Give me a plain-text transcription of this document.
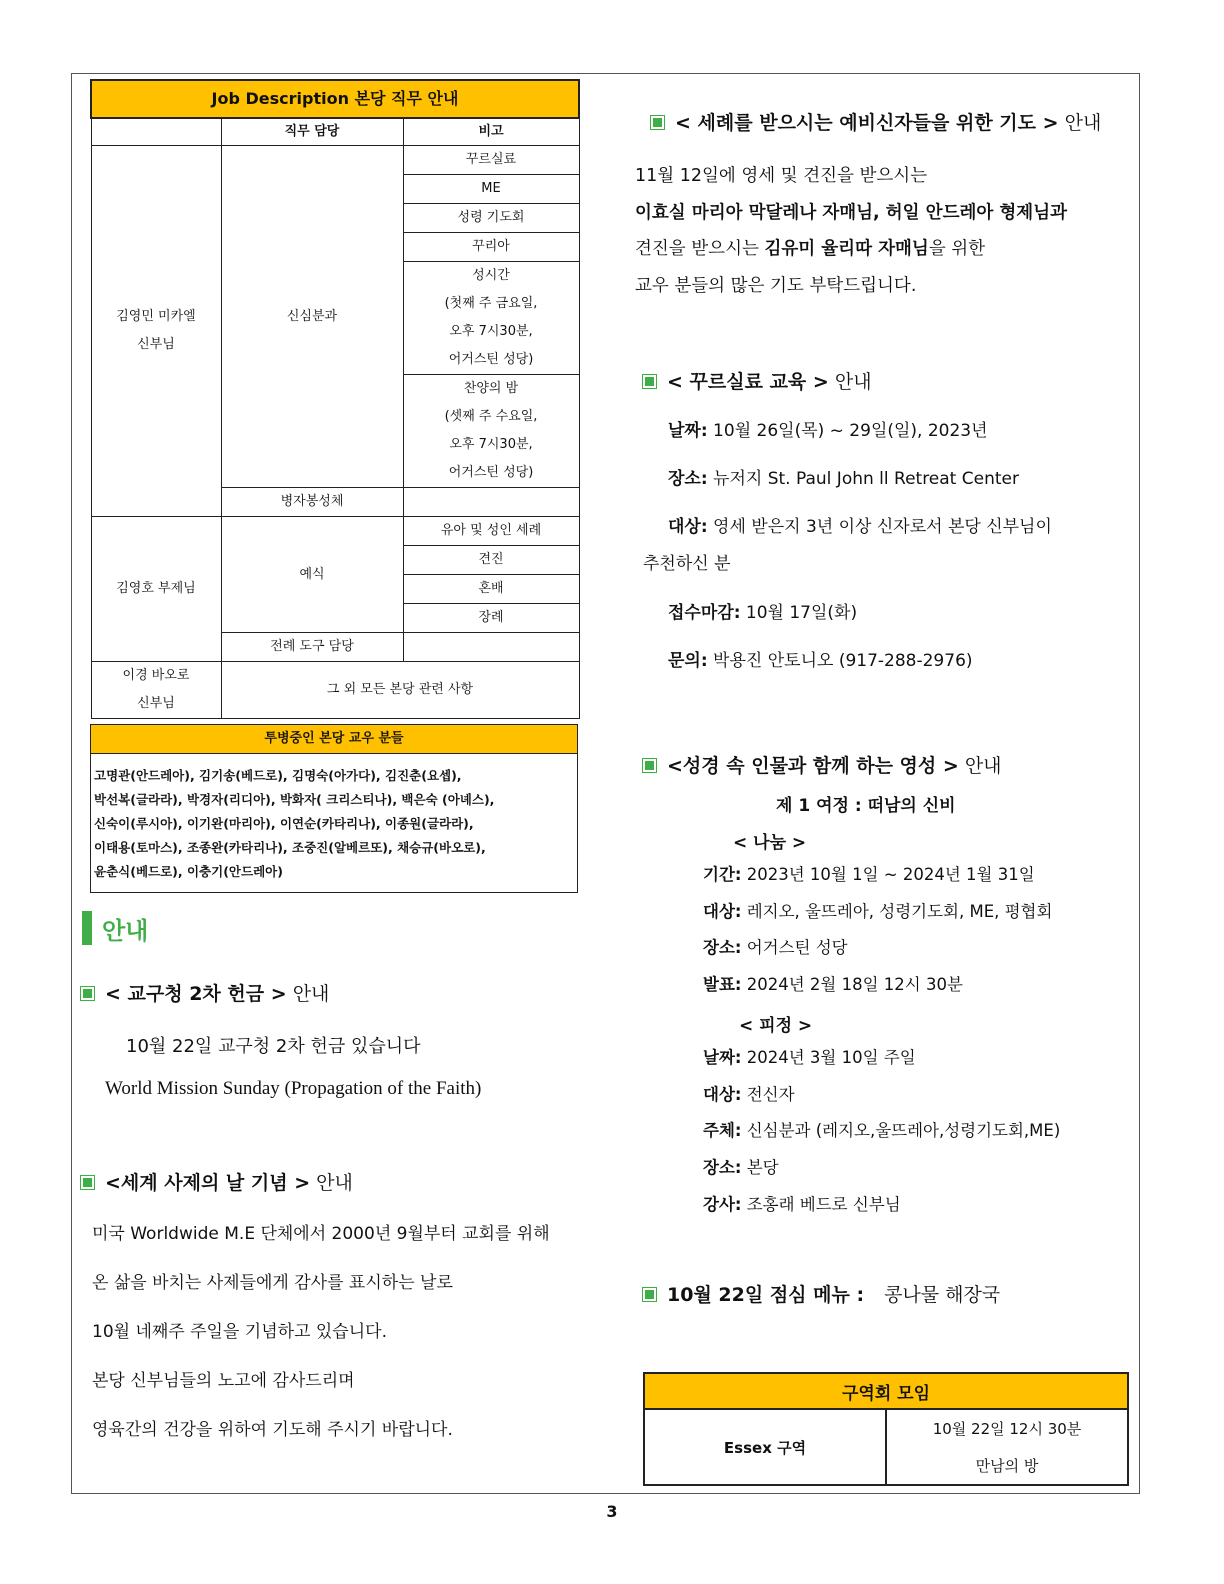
Job Description 본당 직무 안내		
	직무 담당	비고

김영민 미카엘
신부님	신심분과	꾸르실료
		ME
		성령 기도회
		꾸리아

		성시간
(첫째 주 금요일,
오후 7시30분,
어거스틴 성당)

		찬양의 밤
(셋째 주 수요일,
오후 7시30분,
어거스틴 성당)

	병자봉성체	
김영호 부제님	예식	유아 및 성인 세례
		견진
		혼배
		장례
	전례 도구 담당	

이경 바오로
신부님	그 외 모든 본당 관련 사항	
투병중인 본당 교우 분들
고명관(안드레아), 김기송(베드로), 김명숙(아가다), 김진춘(요셉),
박선복(글라라), 박경자(리디아), 박화자( 크리스티나), 백은숙 (아녜스),
신숙이(루시아), 이기완(마리아), 이연순(카타리나), 이종원(글라라),
이태용(토마스), 조종완(카타리나), 조중진(알베르또), 채승규(바오로),
윤춘식(베드로), 이충기(안드레아)
안내
< 교구청 2차 헌금 > 안내
10월 22일 교구청 2차 헌금 있습니다
World Mission Sunday (Propagation of the Faith)
<세계 사제의 날 기념 > 안내
미국 Worldwide M.E 단체에서 2000년 9월부터 교회를 위해
온 삶을 바치는 사제들에게 감사를 표시하는 날로
10월 네째주 주일을 기념하고 있습니다.
본당 신부님들의 노고에 감사드리며
영육간의 건강을 위하여 기도해 주시기 바랍니다.
< 세례를 받으시는 예비신자들을 위한 기도 > 안내
11월 12일에 영세 및 견진을 받으시는
이효실 마리아 막달레나 자매님, 허일 안드레아 형제님과
견진을 받으시는 김유미 율리따 자매님을 위한
교우 분들의 많은 기도 부탁드립니다.
< 꾸르실료 교육 > 안내
날짜: 10월 26일(목) ~ 29일(일), 2023년
장소: 뉴저지 St. Paul John ll Retreat Center
대상: 영세 받은지 3년 이상 신자로서 본당 신부님이
추천하신 분
접수마감: 10월 17일(화)
문의: 박용진 안토니오 (917-288-2976)
<성경 속 인물과 함께 하는 영성 > 안내
제 1 여정 : 떠남의 신비
< 나눔 >
기간: 2023년 10월 1일 ~ 2024년 1월 31일
대상: 레지오, 울뜨레아, 성령기도회, ME, 평협회
장소: 어거스틴 성당
발표: 2024년 2월 18일 12시 30분
< 피정 >
날짜: 2024년 3월 10일 주일
대상: 전신자
주체: 신심분과 (레지오,울뜨레아,성령기도회,ME)
장소: 본당
강사: 조홍래 베드로 신부님
10월 22일 점심 메뉴 : 콩나물 해장국
구역회 모임
Essex 구역	10월 22일 12시 30분
만남의 방
3
